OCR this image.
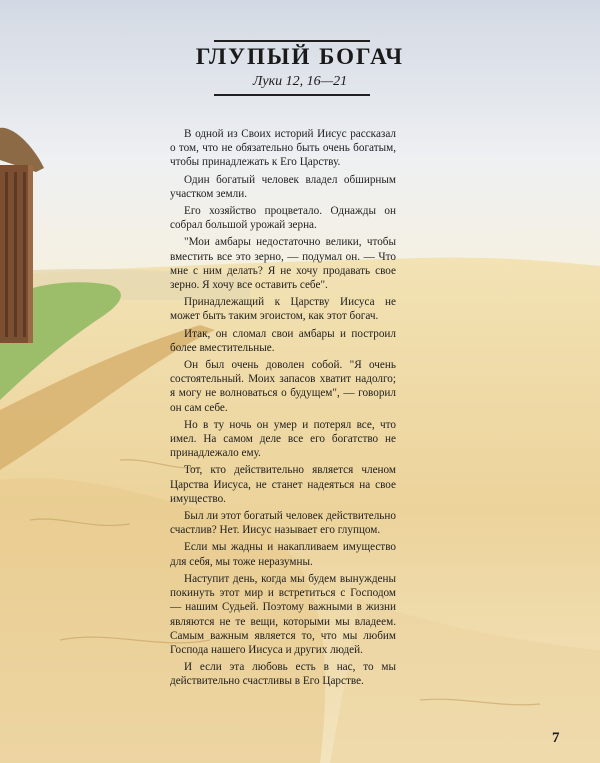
ГЛУПЫЙ БОГАЧ
Луки 12, 16—21

В одной из Своих историй Иисус рассказал о том, что не обязательно быть очень богатым, чтобы принадлежать к Его Царству.

Один богатый человек владел обширным участком земли.

Его хозяйство процветало. Однажды он собрал большой урожай зерна.

"Мои амбары недостаточно велики, чтобы вместить все это зерно, — подумал он. — Что мне с ним делать? Я не хочу продавать свое зерно. Я хочу все оставить себе".

Принадлежащий к Царству Иисуса не может быть таким эгоистом, как этот богач.

Итак, он сломал свои амбары и построил более вместительные.

Он был очень доволен собой. "Я очень состоятельный. Моих запасов хватит надолго; я могу не волноваться о будущем", — говорил он сам себе.

Но в ту ночь он умер и потерял все, что имел. На самом деле все его богатство не принадлежало ему.

Тот, кто действительно является членом Царства Иисуса, не станет надеяться на свое имущество.

Был ли этот богатый человек действительно счастлив? Нет. Иисус называет его глупцом.

Если мы жадны и накапливаем имущество для себя, мы тоже неразумны.

Наступит день, когда мы будем вынуждены покинуть этот мир и встретиться с Господом — нашим Судьей. Поэтому важными в жизни являются не те вещи, которыми мы владеем. Самым важным является то, что мы любим Господа нашего Иисуса и других людей.

И если эта любовь есть в нас, то мы действительно счастливы в Его Царстве.

7
